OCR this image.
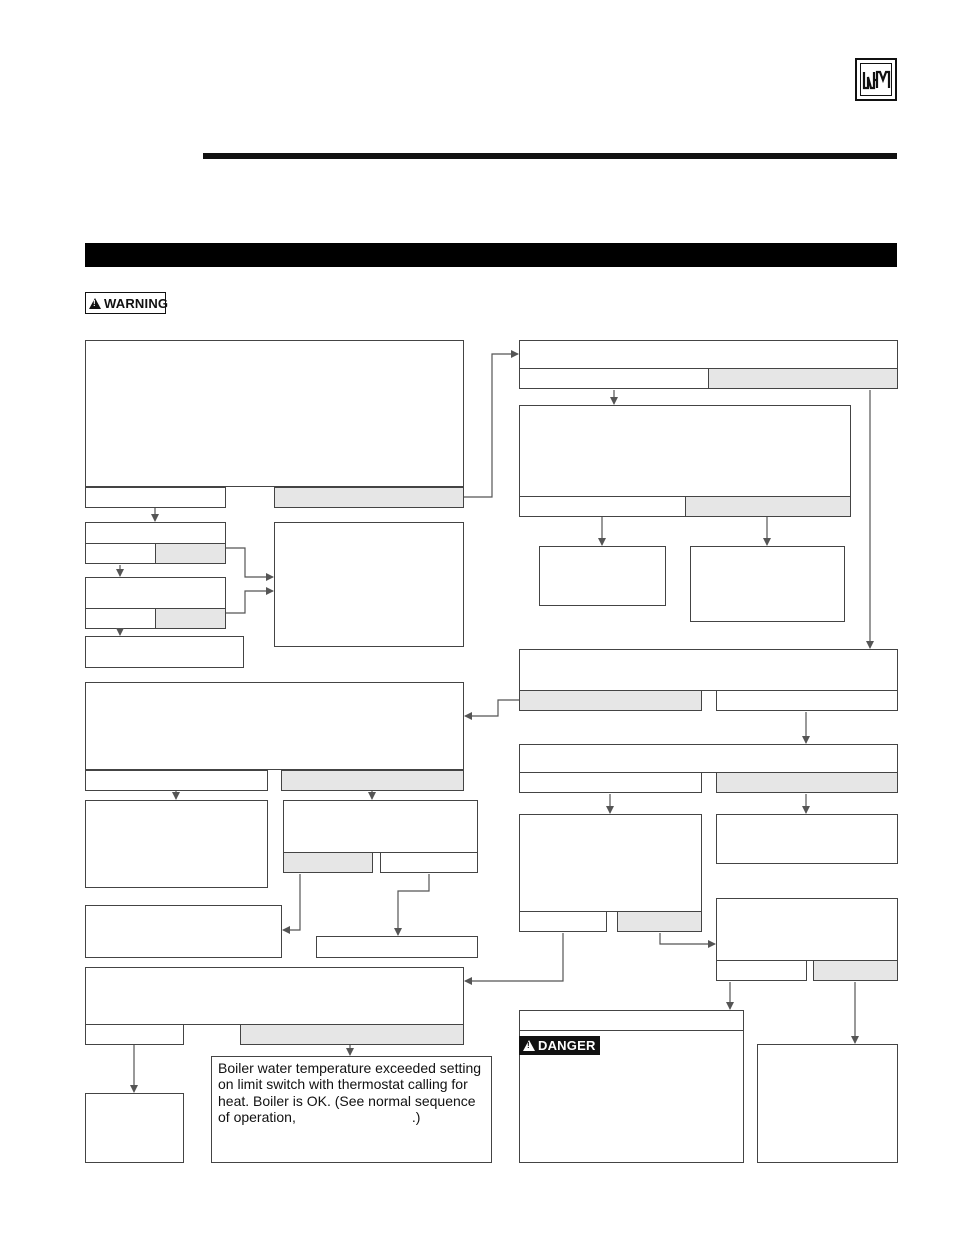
!
WARNING
Boiler water temperature exceeded setting
on limit switch with thermostat calling for
heat. Boiler is OK. (See normal sequence
of operation,	.)
!
DANGER
